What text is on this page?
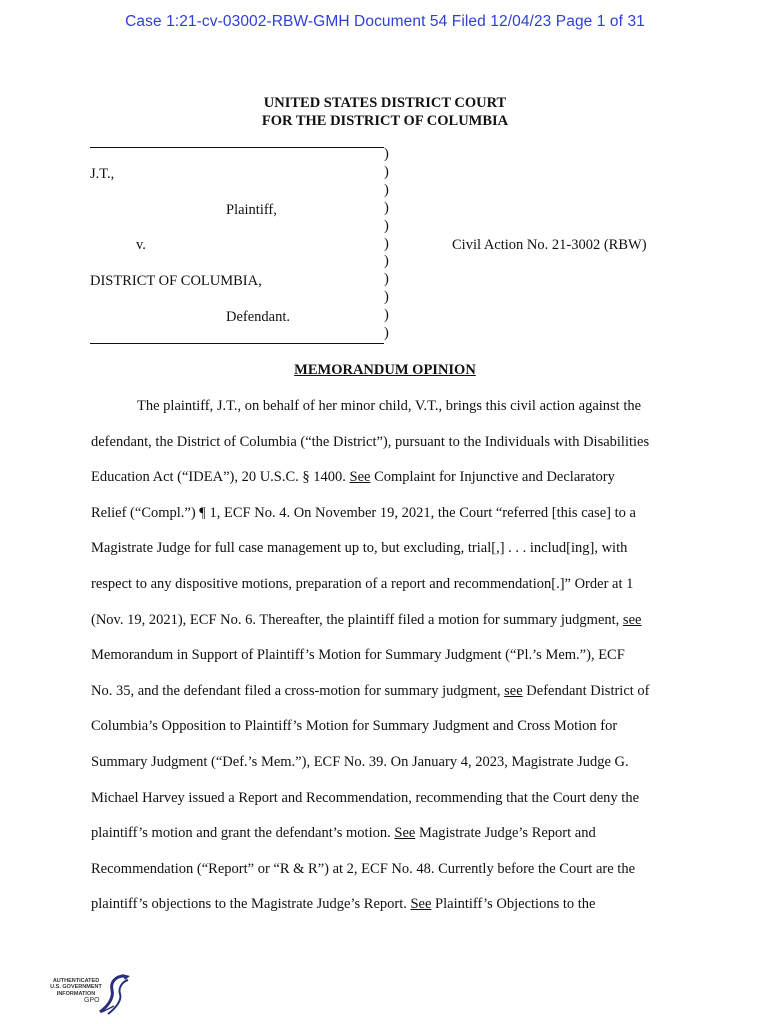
Case 1:21-cv-03002-RBW-GMH Document 54 Filed 12/04/23 Page 1 of 31
UNITED STATES DISTRICT COURT
FOR THE DISTRICT OF COLUMBIA
)
)
)
)
)
)
)
)
)
)
)
J.T.,
Plaintiff,
v.	Civil Action No. 21-3002 (RBW)
DISTRICT OF COLUMBIA,
Defendant.
MEMORANDUM OPINION
The plaintiff, J.T., on behalf of her minor child, V.T., brings this civil action against the
defendant, the District of Columbia (“the District”), pursuant to the Individuals with Disabilities
Education Act (“IDEA”), 20 U.S.C. § 1400. See Complaint for Injunctive and Declaratory
Relief (“Compl.”) ¶ 1, ECF No. 4. On November 19, 2021, the Court “referred [this case] to a
Magistrate Judge for full case management up to, but excluding, trial[,] . . . includ[ing], with
respect to any dispositive motions, preparation of a report and recommendation[.]” Order at 1
(Nov. 19, 2021), ECF No. 6. Thereafter, the plaintiff filed a motion for summary judgment, see
Memorandum in Support of Plaintiff’s Motion for Summary Judgment (“Pl.’s Mem.”), ECF
No. 35, and the defendant filed a cross-motion for summary judgment, see Defendant District of
Columbia’s Opposition to Plaintiff’s Motion for Summary Judgment and Cross Motion for
Summary Judgment (“Def.’s Mem.”), ECF No. 39. On January 4, 2023, Magistrate Judge G.
Michael Harvey issued a Report and Recommendation, recommending that the Court deny the
plaintiff’s motion and grant the defendant’s motion. See Magistrate Judge’s Report and
Recommendation (“Report” or “R & R”) at 2, ECF No. 48. Currently before the Court are the
plaintiff’s objections to the Magistrate Judge’s Report. See Plaintiff’s Objections to the
AUTHENTICATED
U.S. GOVERNMENT
INFORMATION
GPO
